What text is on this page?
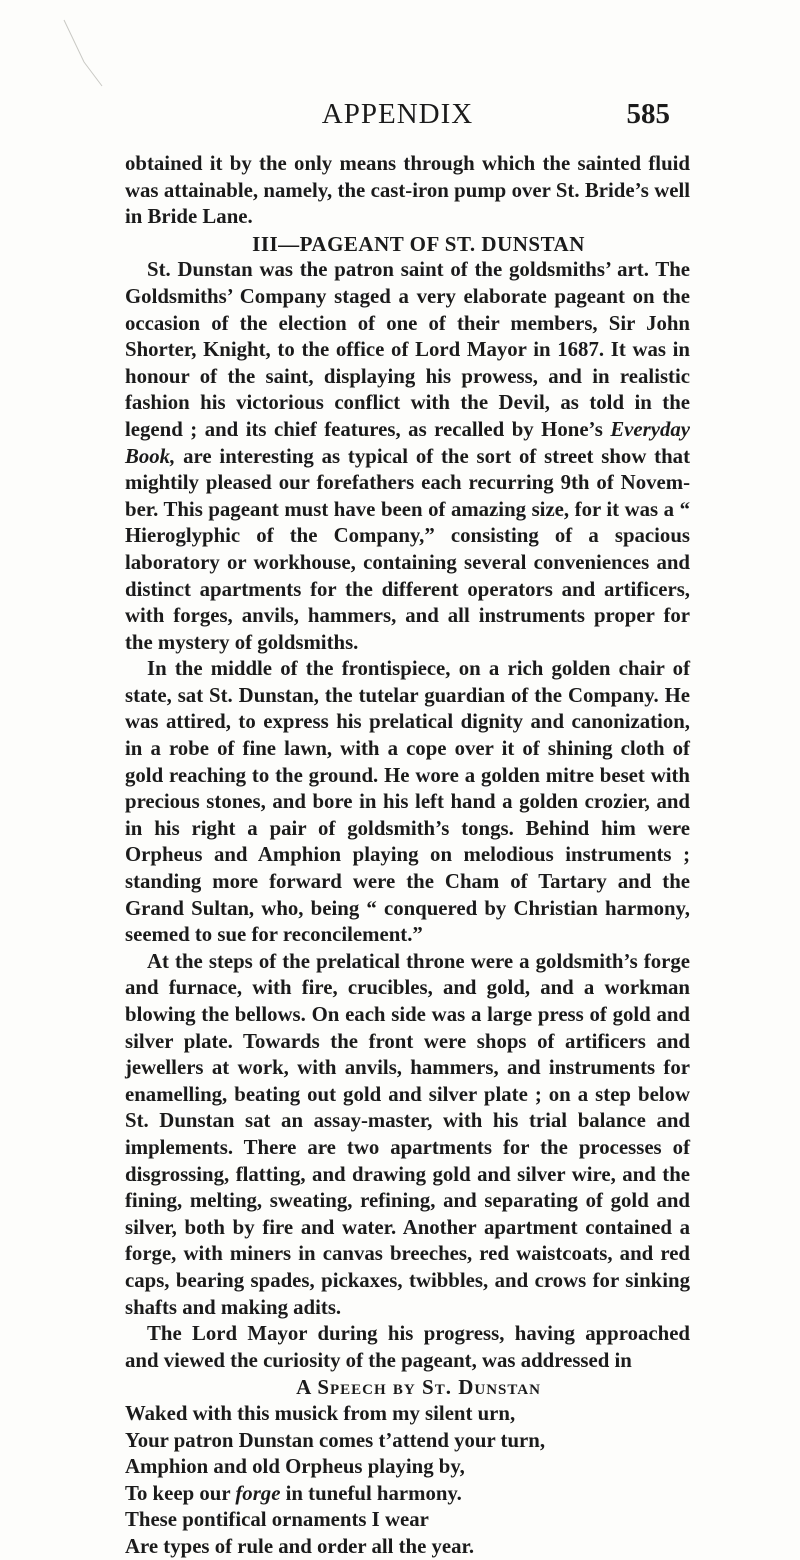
APPENDIX	585

obtained it by the only means through which the sainted fluid was attainable, namely, the cast-iron pump over St. Bride’s well in Bride Lane.

III—PAGEANT OF ST. DUNSTAN

St. Dunstan was the patron saint of the goldsmiths’ art. The Goldsmiths’ Company staged a very elaborate pageant on the occasion of the election of one of their members, Sir John Shorter, Knight, to the office of Lord Mayor in 1687. It was in honour of the saint, displaying his prowess, and in realistic fashion his victorious conflict with the Devil, as told in the legend ; and its chief features, as recalled by Hone’s Everyday Book, are interesting as typical of the sort of street show that mightily pleased our forefathers each recurring 9th of November. This pageant must have been of amazing size, for it was a “ Hieroglyphic of the Company,” consisting of a spacious laboratory or workhouse, containing several conveniences and distinct apartments for the different operators and artificers, with forges, anvils, hammers, and all instruments proper for the mystery of goldsmiths.

In the middle of the frontispiece, on a rich golden chair of state, sat St. Dunstan, the tutelar guardian of the Company. He was attired, to express his prelatical dignity and canonization, in a robe of fine lawn, with a cope over it of shining cloth of gold reaching to the ground. He wore a golden mitre beset with precious stones, and bore in his left hand a golden crozier, and in his right a pair of goldsmith’s tongs. Behind him were Orpheus and Amphion playing on melodious instruments ; standing more forward were the Cham of Tartary and the Grand Sultan, who, being “ conquered by Christian harmony, seemed to sue for reconcilement.”

At the steps of the prelatical throne were a goldsmith’s forge and furnace, with fire, crucibles, and gold, and a workman blowing the bellows. On each side was a large press of gold and silver plate. Towards the front were shops of artificers and jewellers at work, with anvils, hammers, and instruments for enamelling, beating out gold and silver plate ; on a step below St. Dunstan sat an assay-master, with his trial balance and implements. There are two apartments for the processes of disgrossing, flatting, and drawing gold and silver wire, and the fining, melting, sweating, refining, and separating of gold and silver, both by fire and water. Another apartment contained a forge, with miners in canvas breeches, red waistcoats, and red caps, bearing spades, pickaxes, twibbles, and crows for sinking shafts and making adits.

The Lord Mayor during his progress, having approached and viewed the curiosity of the pageant, was addressed in

A Speech by St. Dunstan

Waked with this musick from my silent urn,
Your patron Dunstan comes t’attend your turn,
Amphion and old Orpheus playing by,
To keep our forge in tuneful harmony.
These pontifical ornaments I wear
Are types of rule and order all the year.
